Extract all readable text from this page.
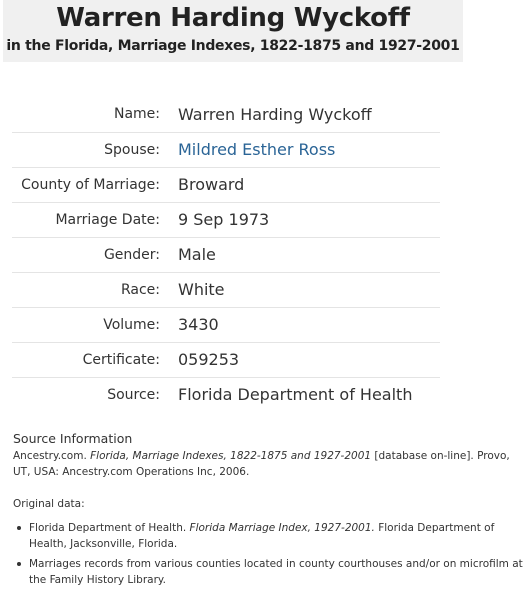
Warren Harding Wyckoff
in the Florida, Marriage Indexes, 1822-1875 and 1927-2001
Name:		Warren Harding Wyckoff
Spouse:		Mildred Esther Ross
County of Marriage:		Broward
Marriage Date:		9 Sep 1973
Gender:		Male
Race:		White
Volume:		3430
Certificate:		059253
Source:		Florida Department of Health
Source Information

Ancestry.com. Florida, Marriage Indexes, 1822-1875 and 1927-2001 [database on-line]. Provo, UT, USA: Ancestry.com Operations Inc, 2006.

Original data:
Florida Department of Health. Florida Marriage Index, 1927-2001. Florida Department of Health, Jacksonville, Florida.
Marriages records from various counties located in county courthouses and/or on microfilm at the Family History Library.
